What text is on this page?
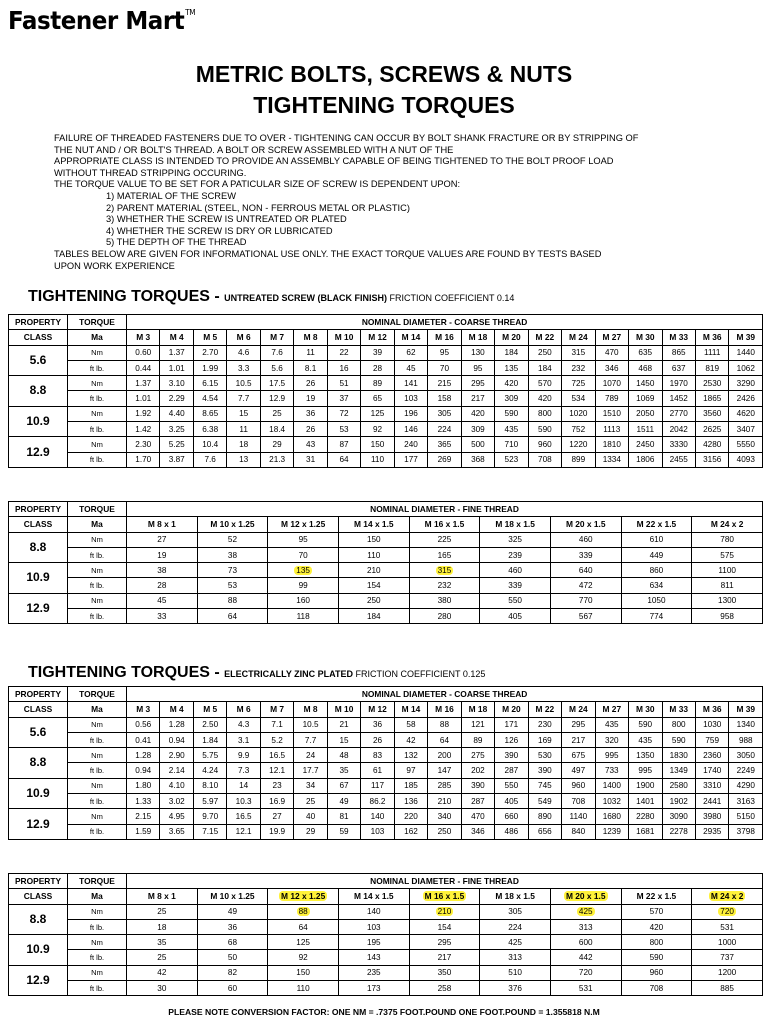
Fastener Mart™
METRIC BOLTS, SCREWS & NUTS
TIGHTENING TORQUES
FAILURE OF THREADED FASTENERS DUE TO OVER - TIGHTENING CAN OCCUR BY BOLT SHANK FRACTURE OR BY STRIPPING OF
THE NUT AND / OR BOLT'S THREAD. A BOLT OR SCREW ASSEMBLED WITH A NUT OF THE
APPROPRIATE CLASS IS INTENDED TO PROVIDE AN ASSEMBLY CAPABLE OF BEING TIGHTENED TO THE BOLT PROOF LOAD
WITHOUT THREAD STRIPPING OCCURING.
THE TORQUE VALUE TO BE SET FOR A PATICULAR SIZE OF SCREW IS DEPENDENT UPON:
1) MATERIAL OF THE SCREW
2) PARENT MATERIAL (STEEL, NON - FERROUS METAL OR PLASTIC)
3) WHETHER THE SCREW IS UNTREATED OR PLATED
4) WHETHER THE SCREW IS DRY OR LUBRICATED
5) THE DEPTH OF THE THREAD
TABLES BELOW ARE GIVEN FOR INFORMATIONAL USE ONLY. THE EXACT TORQUE VALUES ARE FOUND BY TESTS BASED
UPON WORK EXPERIENCE
TIGHTENING TORQUES - UNTREATED SCREW (BLACK FINISH) FRICTION COEFFICIENT 0.14
TIGHTENING TORQUES - ELECTRICALLY ZINC PLATED FRICTION COEFFICIENT 0.125
PROPERTY	TORQUE	NOMINAL DIAMETER - COARSE THREAD																		
CLASS	Ma	M 3	M 4	M 5	M 6	M 7	M 8	M 10	M 12	M 14	M 16	M 18	M 20	M 22	M 24	M 27	M 30	M 33	M 36	M 39
5.6	Nm	0.60	1.37	2.70	4.6	7.6	11	22	39	62	95	130	184	250	315	470	635	865	1111	1440
	ft lb.	0.44	1.01	1.99	3.3	5.6	8.1	16	28	45	70	95	135	184	232	346	468	637	819	1062
8.8	Nm	1.37	3.10	6.15	10.5	17.5	26	51	89	141	215	295	420	570	725	1070	1450	1970	2530	3290
	ft lb.	1.01	2.29	4.54	7.7	12.9	19	37	65	103	158	217	309	420	534	789	1069	1452	1865	2426
10.9	Nm	1.92	4.40	8.65	15	25	36	72	125	196	305	420	590	800	1020	1510	2050	2770	3560	4620
	ft lb.	1.42	3.25	6.38	11	18.4	26	53	92	146	224	309	435	590	752	1113	1511	2042	2625	3407
12.9	Nm	2.30	5.25	10.4	18	29	43	87	150	240	365	500	710	960	1220	1810	2450	3330	4280	5550
	ft lb.	1.70	3.87	7.6	13	21.3	31	64	110	177	269	368	523	708	899	1334	1806	2455	3156	4093
PROPERTY	TORQUE	NOMINAL DIAMETER - FINE THREAD								
CLASS	Ma	M 8 x 1	M 10 x 1.25	M 12 x 1.25	M 14 x 1.5	M 16 x 1.5	M 18 x 1.5	M 20 x 1.5	M 22 x 1.5	M 24 x 2
8.8	Nm	27	52	95	150	225	325	460	610	780
	ft lb.	19	38	70	110	165	239	339	449	575
10.9	Nm	38	73	135	210	315	460	640	860	1100
	ft lb.	28	53	99	154	232	339	472	634	811
12.9	Nm	45	88	160	250	380	550	770	1050	1300
	ft lb.	33	64	118	184	280	405	567	774	958
PROPERTY	TORQUE	NOMINAL DIAMETER - COARSE THREAD																		
CLASS	Ma	M 3	M 4	M 5	M 6	M 7	M 8	M 10	M 12	M 14	M 16	M 18	M 20	M 22	M 24	M 27	M 30	M 33	M 36	M 39
5.6	Nm	0.56	1.28	2.50	4.3	7.1	10.5	21	36	58	88	121	171	230	295	435	590	800	1030	1340
	ft lb.	0.41	0.94	1.84	3.1	5.2	7.7	15	26	42	64	89	126	169	217	320	435	590	759	988
8.8	Nm	1.28	2.90	5.75	9.9	16.5	24	48	83	132	200	275	390	530	675	995	1350	1830	2360	3050
	ft lb.	0.94	2.14	4.24	7.3	12.1	17.7	35	61	97	147	202	287	390	497	733	995	1349	1740	2249
10.9	Nm	1.80	4.10	8.10	14	23	34	67	117	185	285	390	550	745	960	1400	1900	2580	3310	4290
	ft lb.	1.33	3.02	5.97	10.3	16.9	25	49	86.2	136	210	287	405	549	708	1032	1401	1902	2441	3163
12.9	Nm	2.15	4.95	9.70	16.5	27	40	81	140	220	340	470	660	890	1140	1680	2280	3090	3980	5150
	ft lb.	1.59	3.65	7.15	12.1	19.9	29	59	103	162	250	346	486	656	840	1239	1681	2278	2935	3798
PROPERTY	TORQUE	NOMINAL DIAMETER - FINE THREAD								
CLASS	Ma	M 8 x 1	M 10 x 1.25	M 12 x 1.25	M 14 x 1.5	M 16 x 1.5	M 18 x 1.5	M 20 x 1.5	M 22 x 1.5	M 24 x 2
8.8	Nm	25	49	88	140	210	305	425	570	720
	ft lb.	18	36	64	103	154	224	313	420	531
10.9	Nm	35	68	125	195	295	425	600	800	1000
	ft lb.	25	50	92	143	217	313	442	590	737
12.9	Nm	42	82	150	235	350	510	720	960	1200
	ft lb.	30	60	110	173	258	376	531	708	885
PLEASE NOTE CONVERSION FACTOR: ONE NM = .7375 FOOT.POUND ONE FOOT.POUND = 1.355818 N.M
